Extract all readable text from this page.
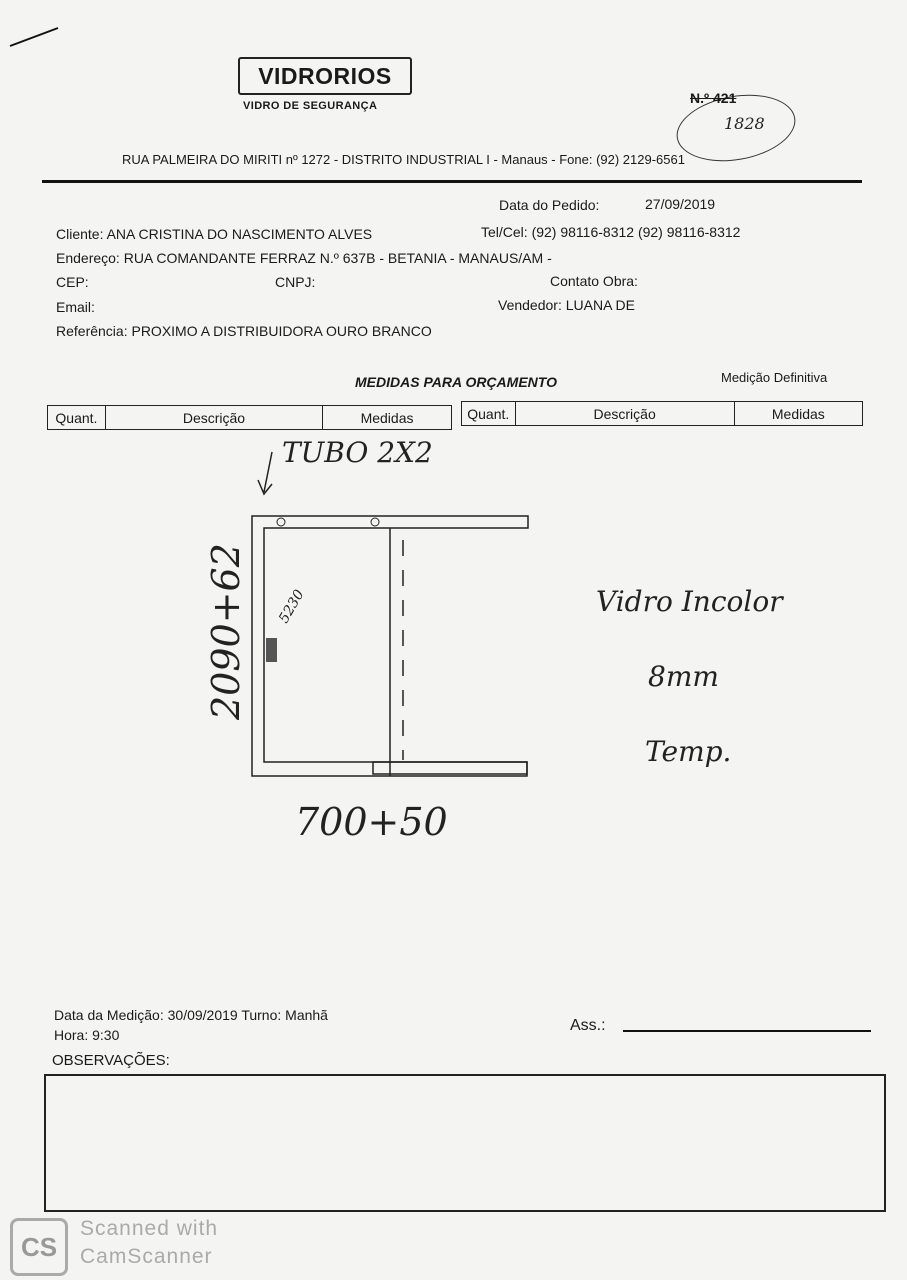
VIDRORIOS
VIDRO DE SEGURANÇA	N.º 421
1828
RUA PALMEIRA DO MIRITI nº 1272 - DISTRITO INDUSTRIAL I - Manaus - Fone: (92) 2129-6561
Data do Pedido:	27/09/2019
Cliente: ANA CRISTINA DO NASCIMENTO ALVES	Tel/Cel: (92) 98116-8312 (92) 98116-8312
Endereço: RUA COMANDANTE FERRAZ N.º 637B - BETANIA - MANAUS/AM -
CEP:	CNPJ:	Contato Obra:
Email:	Vendedor: LUANA DE
Referência: PROXIMO A DISTRIBUIDORA OURO BRANCO
MEDIDAS PARA ORÇAMENTO	Medição Definitiva
Quant.	Descrição	Medidas	Quant.	Descrição	Medidas
TUBO 2X2
2090+62 5230
700+50
Vidro Incolor
8mm
Temp.
Data da Medição: 30/09/2019 Turno: Manhã
Hora: 9:30
Ass.:
OBSERVAÇÕES:
CS
Scanned with
CamScanner
